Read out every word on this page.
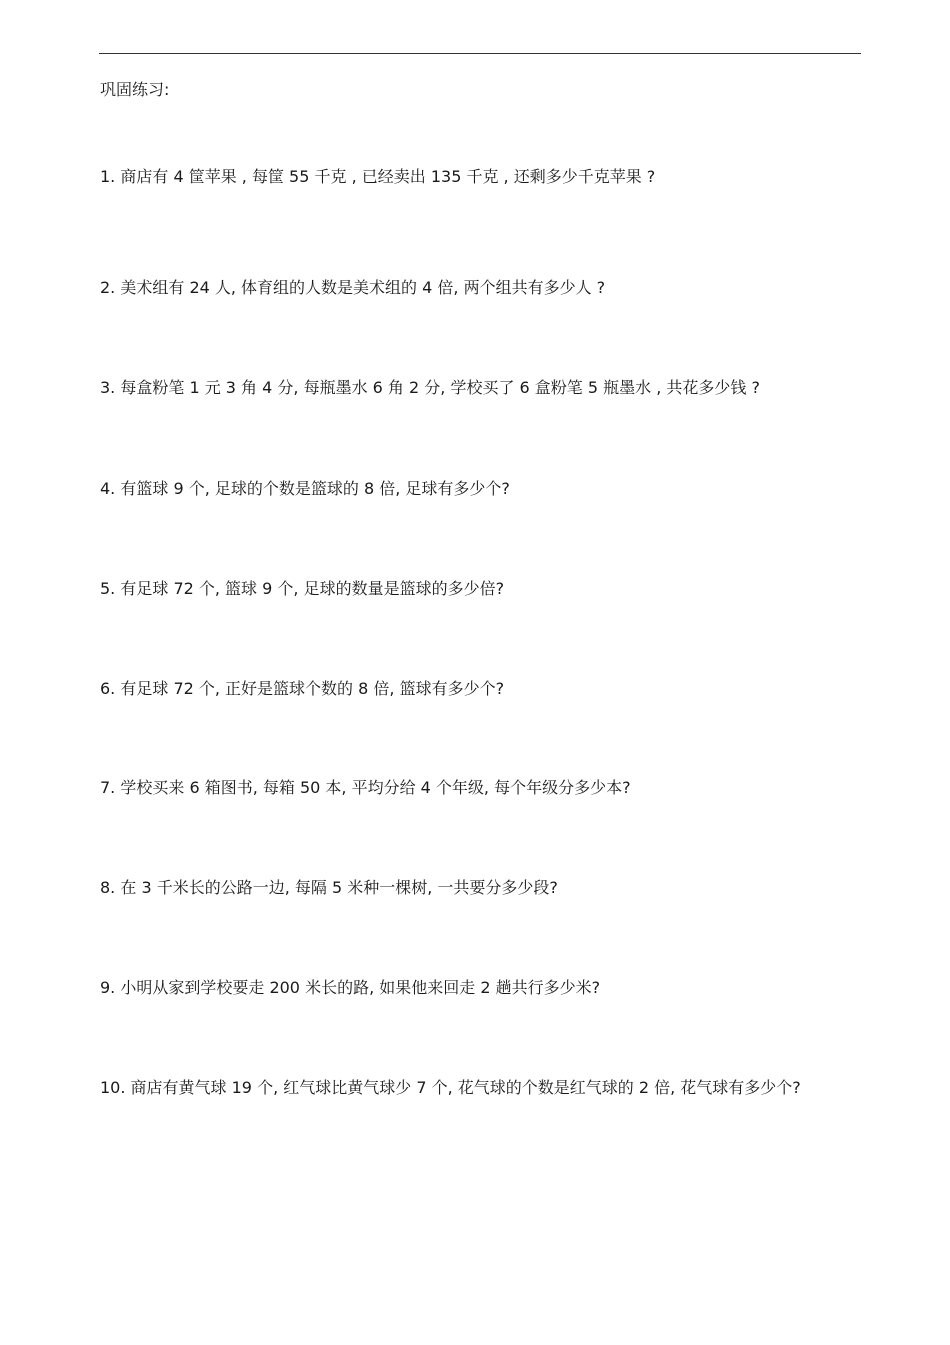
巩固练习:
1. 商店有 4 筐苹果 , 每筐 55 千克 , 已经卖出 135 千克 , 还剩多少千克苹果 ?
2. 美术组有 24 人, 体育组的人数是美术组的 4 倍, 两个组共有多少人 ?
3. 每盒粉笔 1 元 3 角 4 分, 每瓶墨水 6 角 2 分, 学校买了 6 盒粉笔 5 瓶墨水 , 共花多少钱 ?
4. 有篮球 9 个, 足球的个数是篮球的 8 倍, 足球有多少个?
5. 有足球 72 个, 篮球 9 个, 足球的数量是篮球的多少倍?
6. 有足球 72 个, 正好是篮球个数的 8 倍, 篮球有多少个?
7. 学校买来 6 箱图书, 每箱 50 本, 平均分给 4 个年级, 每个年级分多少本?
8. 在 3 千米长的公路一边, 每隔 5 米种一棵树, 一共要分多少段?
9. 小明从家到学校要走 200 米长的路, 如果他来回走 2 趟共行多少米?
10. 商店有黄气球 19 个, 红气球比黄气球少 7 个, 花气球的个数是红气球的 2 倍, 花气球有多少个?
